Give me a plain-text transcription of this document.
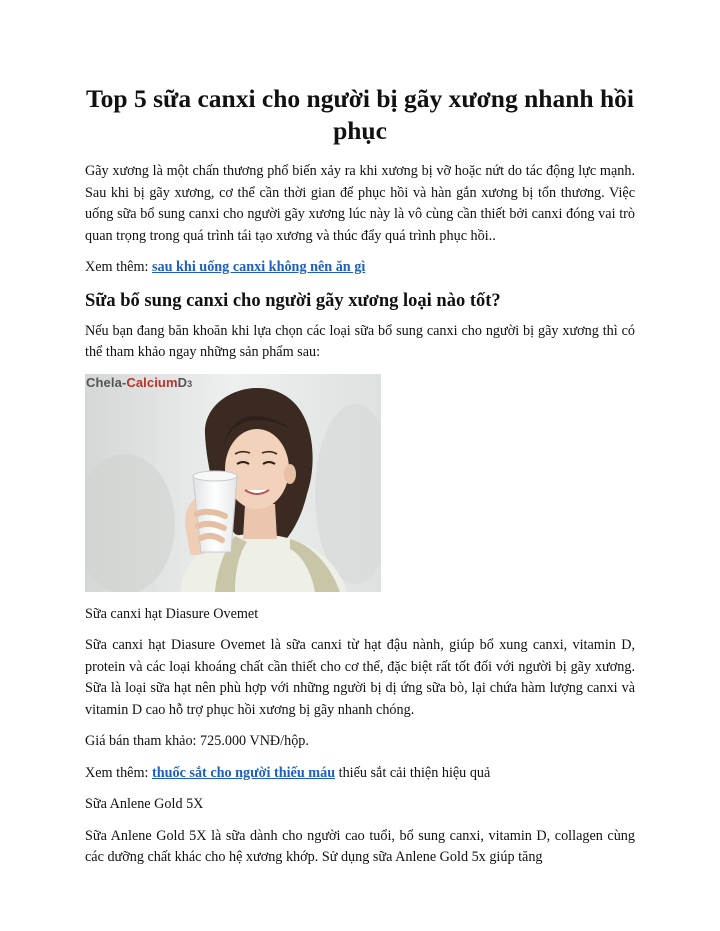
Top 5 sữa canxi cho người bị gãy xương nhanh hồi phục

Gãy xương là một chấn thương phổ biến xảy ra khi xương bị vỡ hoặc nứt do tác động lực mạnh. Sau khi bị gãy xương, cơ thể cần thời gian để phục hồi và hàn gắn xương bị tổn thương. Việc uống sữa bổ sung canxi cho người gãy xương lúc này là vô cùng cần thiết bởi canxi đóng vai trò quan trọng trong quá trình tái tạo xương và thúc đẩy quá trình phục hồi..

Xem thêm: sau khi uống canxi không nên ăn gì

Sữa bổ sung canxi cho người gãy xương loại nào tốt?

Nếu bạn đang băn khoăn khi lựa chọn các loại sữa bổ sung canxi cho người bị gãy xương thì có thể tham khảo ngay những sản phẩm sau:

Chela-CalciumD3

Sữa canxi hạt Diasure Ovemet

Sữa canxi hạt Diasure Ovemet là sữa canxi từ hạt đậu nành, giúp bổ xung canxi, vitamin D, protein và các loại khoáng chất cần thiết cho cơ thể, đặc biệt rất tốt đối với người bị gãy xương. Sữa là loại sữa hạt nên phù hợp với những người bị dị ứng sữa bò, lại chứa hàm lượng canxi và vitamin D cao hỗ trợ phục hồi xương bị gãy nhanh chóng.

Giá bán tham khảo: 725.000 VNĐ/hộp.

Xem thêm: thuốc sắt cho người thiếu máu thiếu sắt cải thiện hiệu quả

Sữa Anlene Gold 5X

Sữa Anlene Gold 5X là sữa dành cho người cao tuổi, bổ sung canxi, vitamin D, collagen cùng các dưỡng chất khác cho hệ xương khớp. Sử dụng sữa Anlene Gold 5x giúp tăng
